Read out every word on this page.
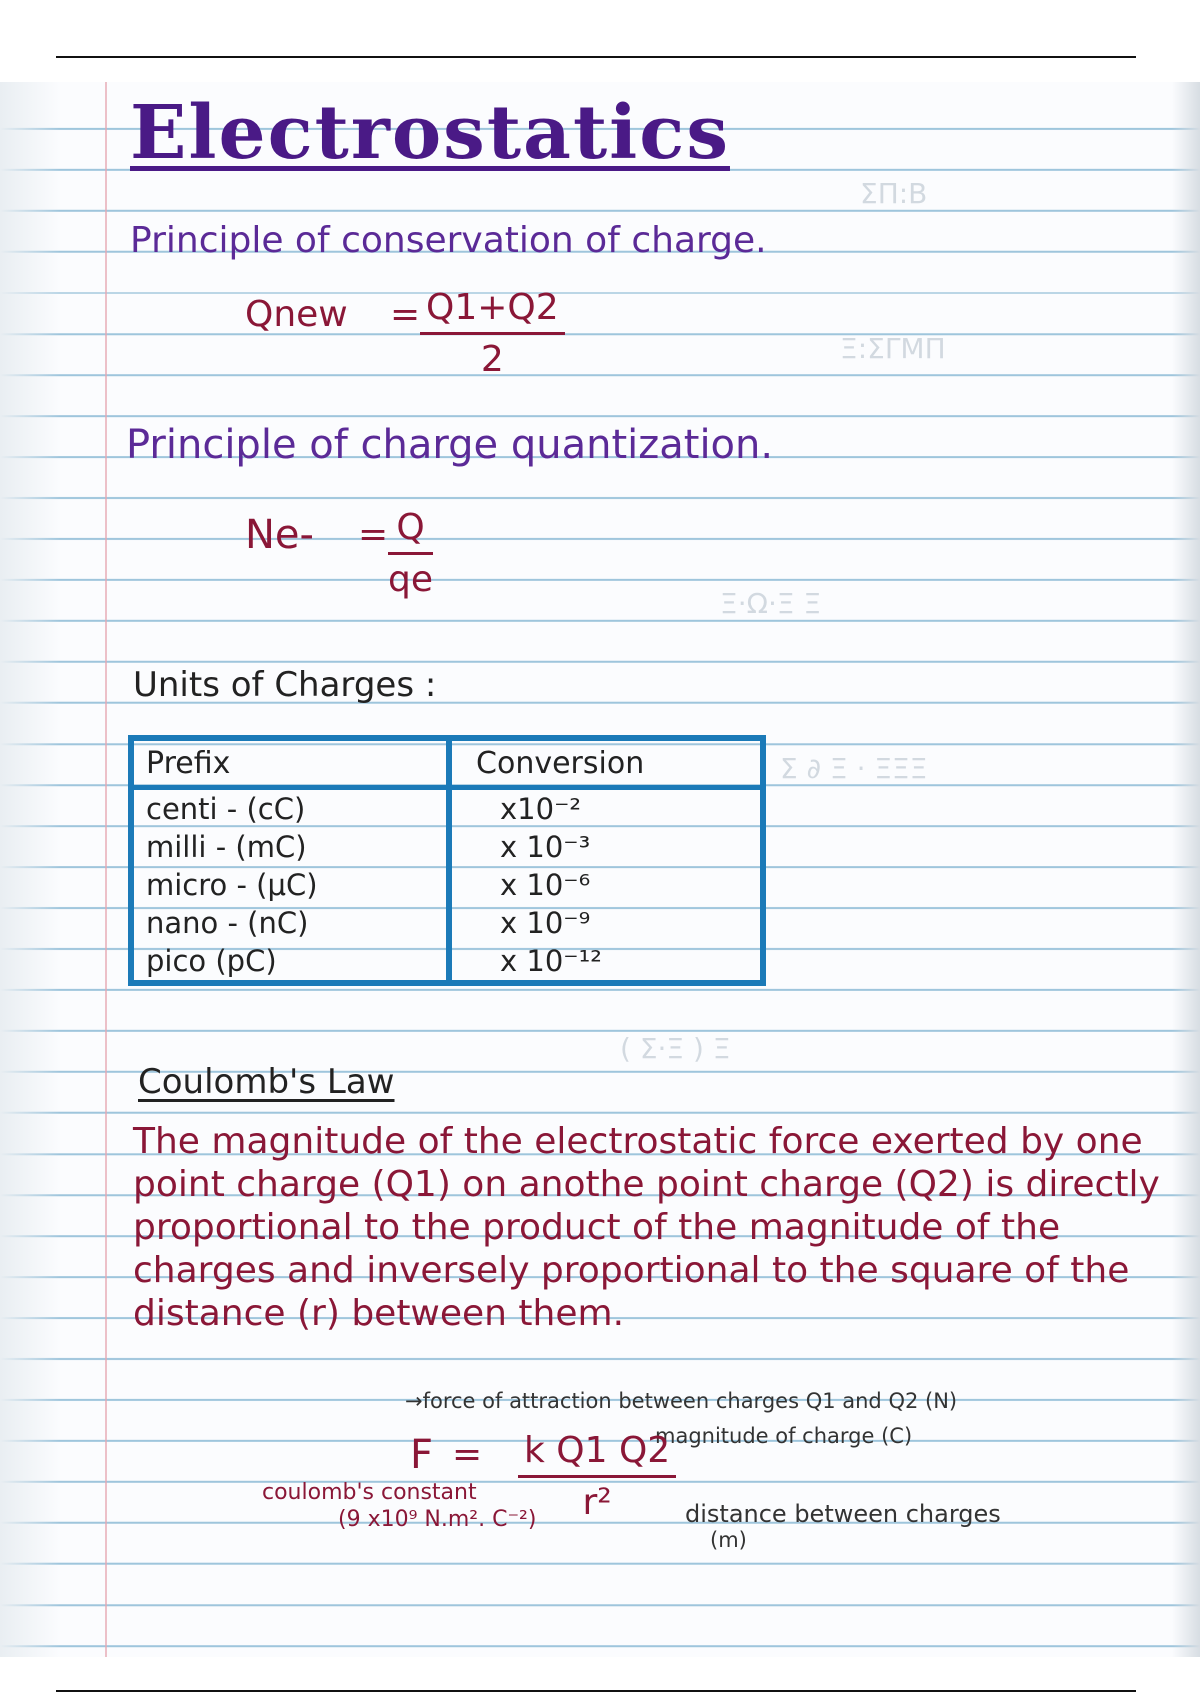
Electrostatics
ΣΠ:Β
Ξ:ΣΓΜΠ
Ξ·Ω·Ξ Ξ
Σ ∂ Ξ · ΞΞΞ
( Σ·Ξ ) Ξ
Principle of conservation of charge.
Qnew = $\frac{Q1+Q2}{2}$
Principle of charge quantization.
$Ne- = \frac{Q}{qe}$
Units of Charges :
Prefix	Conversion
centi - (cC)	x10⁻²
milli - (mC)	x 10⁻³
micro - (μC)	x 10⁻⁶
nano - (nC)	x 10⁻⁹
pico (pC)	x 10⁻¹²
Coulomb's Law
The magnitude of the electrostatic force exerted by one point charge (Q1) on anothe point charge (Q2) is directly proportional to the product of the magnitude of the charges and inversely proportional to the square of the distance (r) between them.
→force of attraction between charges Q1 and Q2 (N)
magnitude of charge (C)
$F = \frac{\text{k Q1 Q2}}{\text{r²}}$
coulomb's constant
(9 x10⁹ N.m². C⁻²)	distance between charges
(m)
